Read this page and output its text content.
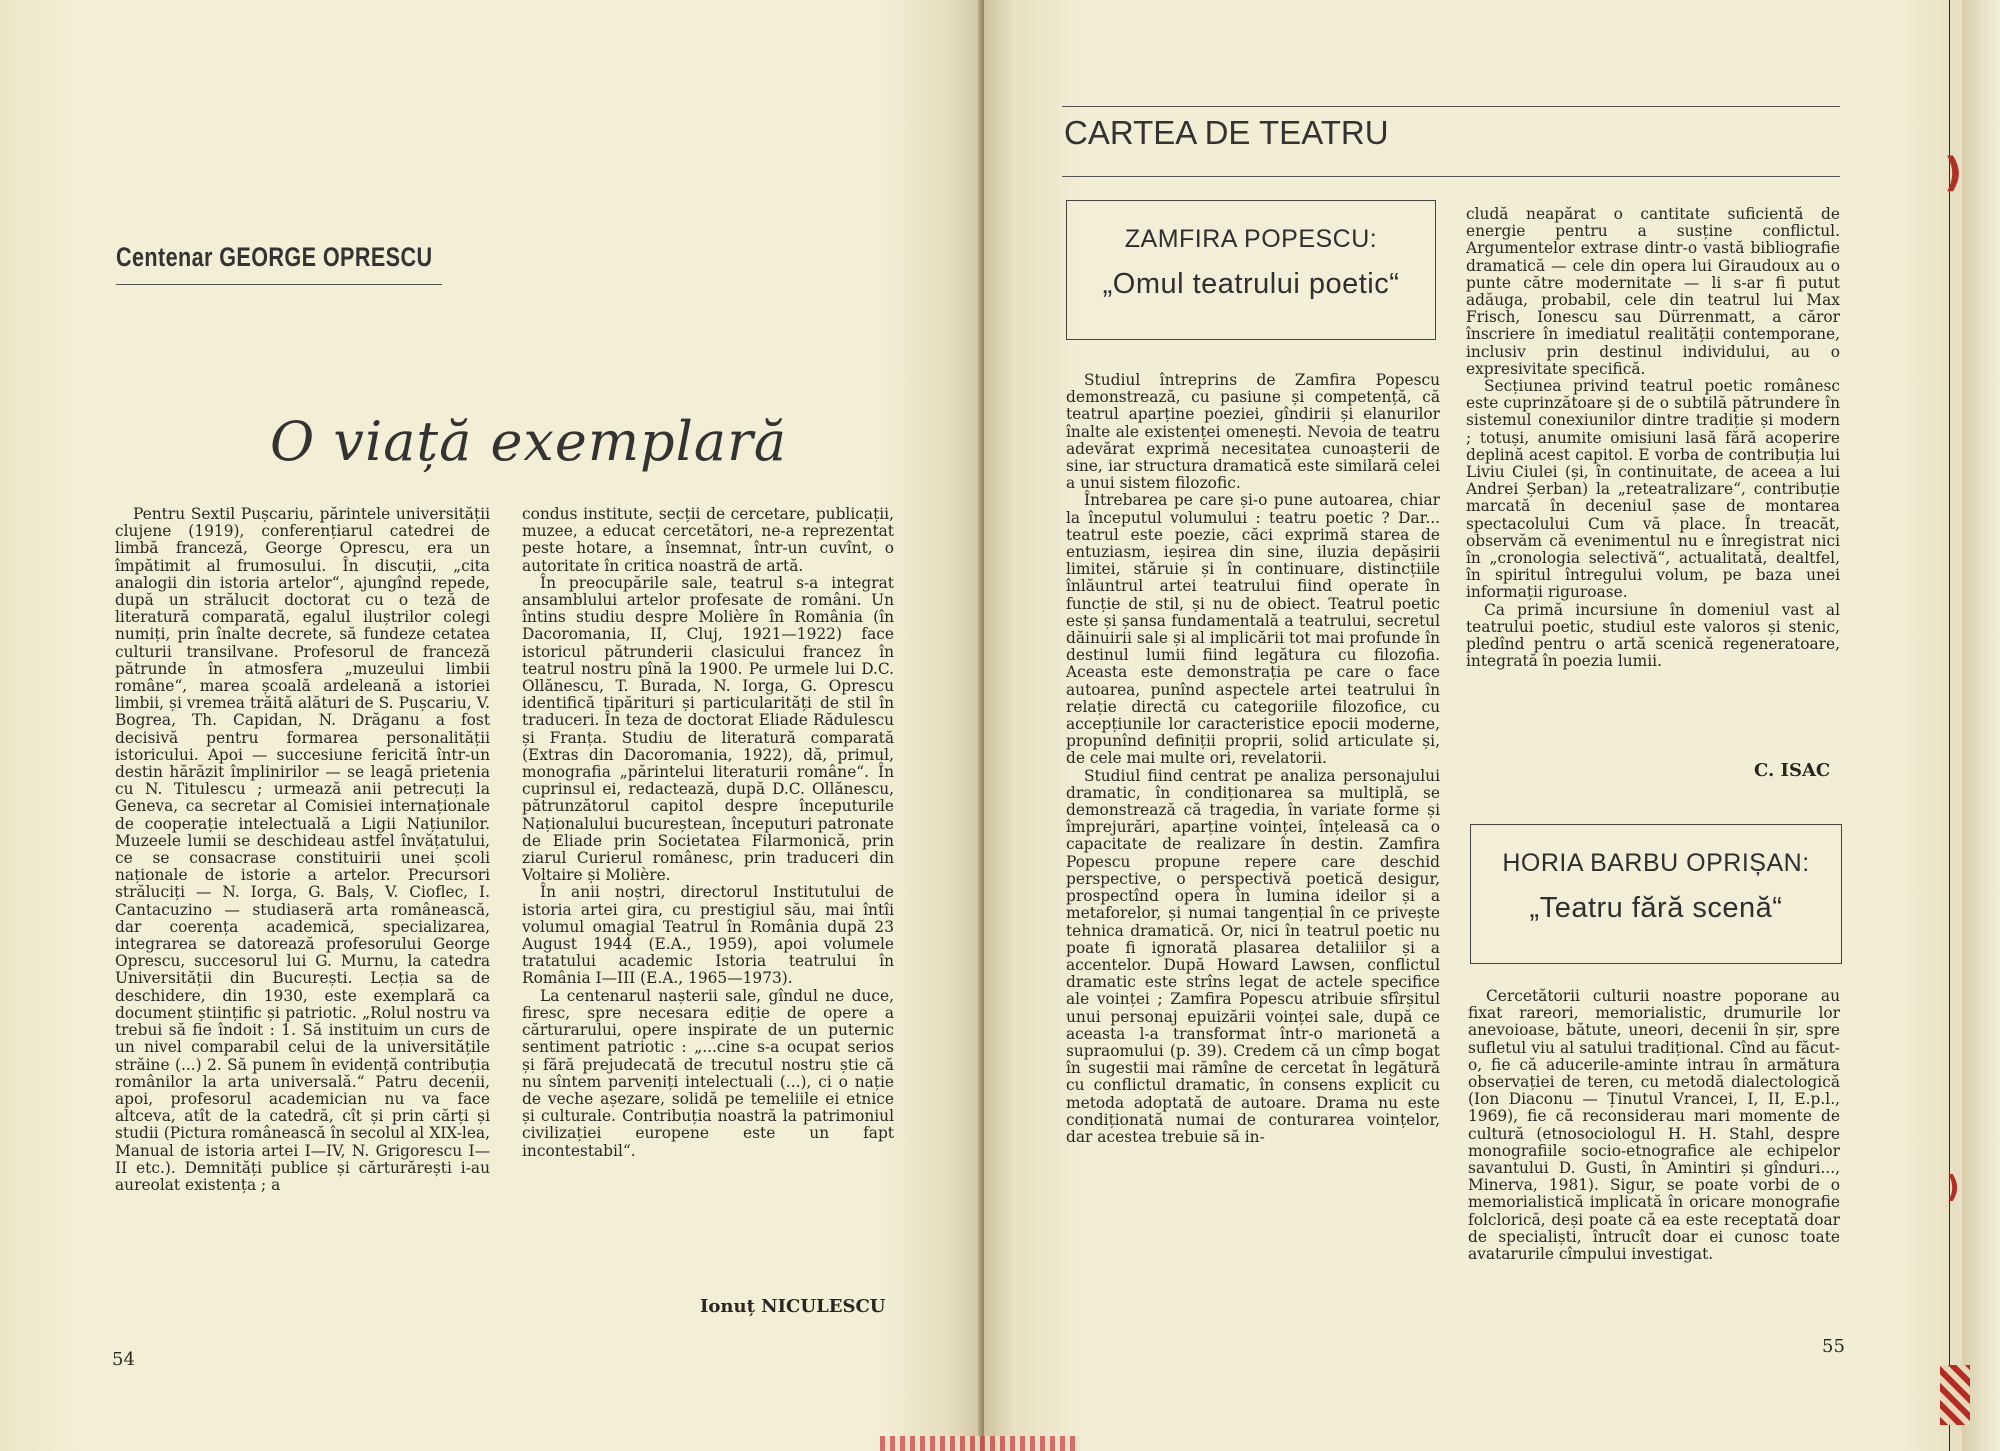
Centenar GEORGE OPRESCU
O viață exemplară

Pentru Sextil Pușcariu, părintele universității clujene (1919), conferențiarul catedrei de limbă franceză, George Oprescu, era un împătimit al frumosului. În discuții, „cita analogii din istoria artelor“, ajungînd repede, după un strălucit doctorat cu o teză de literatură comparată, egalul iluștrilor colegi numiți, prin înalte decrete, să fundeze cetatea culturii transilvane. Profesorul de franceză pătrunde în atmosfera „muzeului limbii române“, marea școală ardeleană a istoriei limbii, și vremea trăită alături de S. Pușcariu, V. Bogrea, Th. Capidan, N. Drăganu a fost decisivă pentru formarea personalității istoricului. Apoi — succesiune fericită într-un destin hărăzit împlinirilor — se leagă prietenia cu N. Titulescu ; urmează anii petrecuți la Geneva, ca secretar al Comisiei internaționale de cooperație intelectuală a Ligii Națiunilor. Muzeele lumii se deschideau astfel învățatului, ce se consacrase constituirii unei școli naționale de istorie a artelor. Precursori străluciți — N. Iorga, G. Balș, V. Cioflec, I. Cantacuzino — studiaseră arta românească, dar coerența academică, specializarea, integrarea se datorează profesorului George Oprescu, succesorul lui G. Murnu, la catedra Universității din București. Lecția sa de deschidere, din 1930, este exemplară ca document științific și patriotic. „Rolul nostru va trebui să fie îndoit : 1. Să instituim un curs de un nivel comparabil celui de la universitățile străine (...) 2. Să punem în evidență contribuția românilor la arta universală.“ Patru decenii, apoi, profesorul academician nu va face altceva, atît de la catedră, cît și prin cărți și studii (Pictura românească în secolul al XIX-lea, Manual de istoria artei I—IV, N. Grigorescu I—II etc.). Demnități publice și cărturărești i-au aureolat existența ; a

condus institute, secții de cercetare, publicații, muzee, a educat cercetători, ne-a reprezentat peste hotare, a însemnat, într-un cuvînt, o autoritate în critica noastră de artă.

În preocupările sale, teatrul s-a integrat ansamblului artelor profesate de români. Un întins studiu despre Molière în România (în Dacoromania, II, Cluj, 1921—1922) face istoricul pătrunderii clasicului francez în teatrul nostru pînă la 1900. Pe urmele lui D.C. Ollănescu, T. Burada, N. Iorga, G. Oprescu identifică tipărituri și particularități de stil în traduceri. În teza de doctorat Eliade Rădulescu și Franța. Studiu de literatură comparată (Extras din Dacoromania, 1922), dă, primul, monografia „părintelui literaturii române“. În cuprinsul ei, redactează, după D.C. Ollănescu, pătrunzătorul capitol despre începuturile Naționalului bucureștean, începuturi patronate de Eliade prin Societatea Filarmonică, prin ziarul Curierul românesc, prin traduceri din Voltaire și Molière.

În anii noștri, directorul Institutului de istoria artei gira, cu prestigiul său, mai întîi volumul omagial Teatrul în România după 23 August 1944 (E.A., 1959), apoi volumele tratatului academic Istoria teatrului în România I—III (E.A., 1965—1973).

La centenarul nașterii sale, gîndul ne duce, firesc, spre necesara ediție de opere a cărturarului, opere inspirate de un puternic sentiment patriotic : „...cine s-a ocupat serios și fără prejudecată de trecutul nostru știe că nu sîntem parveniți intelectuali (...), ci o nație de veche așezare, solidă pe temeliile ei etnice și culturale. Contribuția noastră la patrimoniul civilizației europene este un fapt incontestabil“.

Ionuț NICULESCU
54
CARTEA DE TEATRU
ZAMFIRA POPESCU:
„Omul teatrului poetic“

Studiul întreprins de Zamfira Popescu demonstrează, cu pasiune și competență, că teatrul aparține poeziei, gîndirii și elanurilor înalte ale existenței omenești. Nevoia de teatru adevărat exprimă necesitatea cunoașterii de sine, iar structura dramatică este similară celei a unui sistem filozofic.

Întrebarea pe care și-o pune autoarea, chiar la începutul volumului : teatru poetic ? Dar... teatrul este poezie, căci exprimă starea de entuziasm, ieșirea din sine, iluzia depășirii limitei, stăruie și în continuare, distincțiile înlăuntrul artei teatrului fiind operate în funcție de stil, și nu de obiect. Teatrul poetic este și șansa fundamentală a teatrului, secretul dăinuirii sale și al implicării tot mai profunde în destinul lumii fiind legătura cu filozofia. Aceasta este demonstrația pe care o face autoarea, punînd aspectele artei teatrului în relație directă cu categoriile filozofice, cu accepțiunile lor caracteristice epocii moderne, propunînd definiții proprii, solid articulate și, de cele mai multe ori, revelatorii.

Studiul fiind centrat pe analiza personajului dramatic, în condiționarea sa multiplă, se demonstrează că tragedia, în variate forme și împrejurări, aparține voinței, înțeleasă ca o capacitate de realizare în destin. Zamfira Popescu propune repere care deschid perspective, o perspectivă poetică desigur, prospectînd opera în lumina ideilor și a metaforelor, și numai tangențial în ce privește tehnica dramatică. Or, nici în teatrul poetic nu poate fi ignorată plasarea detaliilor și a accentelor. După Howard Lawsen, conflictul dramatic este strîns legat de actele specifice ale voinței ; Zamfira Popescu atribuie sfîrșitul unui personaj epuizării voinței sale, după ce aceasta l-a transformat într-o marionetă a supraomului (p. 39). Credem că un cîmp bogat în sugestii mai rămîne de cercetat în legătură cu conflictul dramatic, în consens explicit cu metoda adoptată de autoare. Drama nu este condiționată numai de conturarea voințelor, dar acestea trebuie să in-

cludă neapărat o cantitate suficientă de energie pentru a susține conflictul. Argumentelor extrase dintr-o vastă bibliografie dramatică — cele din opera lui Giraudoux au o punte către modernitate — li s-ar fi putut adăuga, probabil, cele din teatrul lui Max Frisch, Ionescu sau Dürrenmatt, a căror înscriere în imediatul realității contemporane, inclusiv prin destinul individului, au o expresivitate specifică.

Secțiunea privind teatrul poetic românesc este cuprinzătoare și de o subtilă pătrundere în sistemul conexiunilor dintre tradiție și modern ; totuși, anumite omisiuni lasă fără acoperire deplină acest capitol. E vorba de contribuția lui Liviu Ciulei (și, în continuitate, de aceea a lui Andrei Șerban) la „reteatralizare“, contribuție marcată în deceniul șase de montarea spectacolului Cum vă place. În treacăt, observăm că evenimentul nu e înregistrat nici în „cronologia selectivă“, actualitată, dealtfel, în spiritul întregului volum, pe baza unei informații riguroase.

Ca primă incursiune în domeniul vast al teatrului poetic, studiul este valoros și stenic, pledînd pentru o artă scenică regeneratoare, integrată în poezia lumii.

C. ISAC
HORIA BARBU OPRIȘAN:
„Teatru fără scenă“

Cercetătorii culturii noastre poporane au fixat rareori, memorialistic, drumurile lor anevoioase, bătute, uneori, decenii în șir, spre sufletul viu al satului tradițional. Cînd au făcut-o, fie că aducerile-aminte intrau în armătura observației de teren, cu metodă dialectologică (Ion Diaconu — Ținutul Vrancei, I, II, E.p.l., 1969), fie că reconsiderau mari momente de cultură (etnosociologul H. H. Stahl, despre monografiile socio-etnografice ale echipelor savantului D. Gusti, în Amintiri și gînduri..., Minerva, 1981). Sigur, se poate vorbi de o memorialistică implicată în oricare monografie folclorică, deși poate că ea este receptată doar de specialiști, întrucît doar ei cunosc toate avatarurile cîmpului investigat.

55
)
)
